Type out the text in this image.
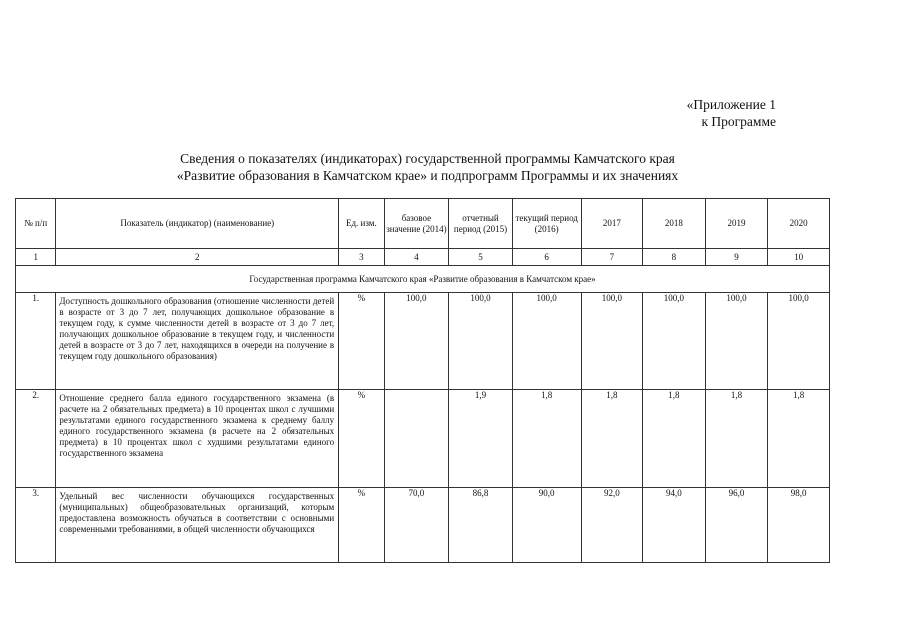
«Приложение 1
к Программе
Сведения о показателях (индикаторах) государственной программы Камчатского края
«Развитие образования в Камчатском крае» и подпрограмм Программы и их значениях
№ п/п	Показатель (индикатор) (наименование)	Ед. изм.	базовое значение (2014)	отчетный период (2015)	текущий период (2016)	2017	2018	2019	2020
1	2	3	4	5	6	7	8	9	10
Государственная программа Камчатского края «Развитие образования в Камчатском крае»									
1.	Доступность дошкольного образования (отношение численности детей в возрасте от 3 до 7 лет, получающих дошкольное образование в текущем году, к сумме численности детей в возрасте от 3 до 7 лет, получающих дошкольное образование в текущем году, и численности детей в возрасте от 3 до 7 лет, находящихся в очереди на получение в текущем году дошкольного образования)	%	100,0	100,0	100,0	100,0	100,0	100,0	100,0
2.	Отношение среднего балла единого государственного экзамена (в расчете на 2 обязательных предмета) в 10 процентах школ с лучшими результатами единого государственного экзамена к среднему баллу единого государственного экзамена (в расчете на 2 обязательных предмета) в 10 процентах школ с худшими результатами единого государственного экзамена	%		1,9	1,8	1,8	1,8	1,8	1,8
3.	Удельный вес численности обучающихся государственных (муниципальных) общеобразовательных организаций, которым предоставлена возможность обучаться в соответствии с основными современными требованиями, в общей численности обучающихся	%	70,0	86,8	90,0	92,0	94,0	96,0	98,0
